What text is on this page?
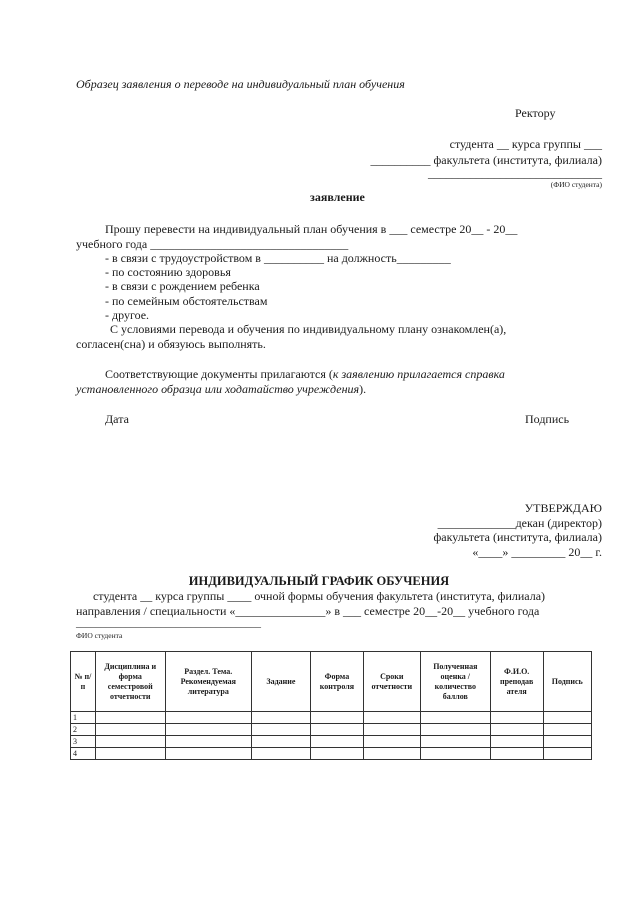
Образец заявления о переводе на индивидуальный план обучения
Ректору
студента __ курса группы ___
__________ факультета (института, филиала)
_____________________________
(ФИО студента)
заявление
Прошу перевести на индивидуальный план обучения в ___ семестре 20__ - 20__
учебного года _________________________________
- в связи с трудоустройством в __________ на должность_________
- по состоянию здоровья
- в связи с рождением ребенка
- по семейным обстоятельствам
- другое.
С условиями перевода и обучения по индивидуальному плану ознакомлен(а),
согласен(сна) и обязуюсь выполнять.
Соответствующие документы прилагаются (к заявлению прилагается справка
установленного образца или ходатайство учреждения).
Дата	Подпись
УТВЕРЖДАЮ
_____________декан (директор)
факультета (института, филиала)
«____» _________ 20__ г.
ИНДИВИДУАЛЬНЫЙ ГРАФИК ОБУЧЕНИЯ
студента __ курса группы ____ очной формы обучения факультета (института, филиала)
направления / специальности «_______________» в ___ семестре 20__-20__ учебного года
_____________________________________
ФИО студента
№ п/п	Дисциплина и форма семестровой отчетности	Раздел. Тема. Рекомендуемая литература	Задание	Форма контроля	Сроки отчетности	Полученная оценка / количество баллов	Ф.И.О. преподав ателя	Подпись
1								
2								
3								
4								
